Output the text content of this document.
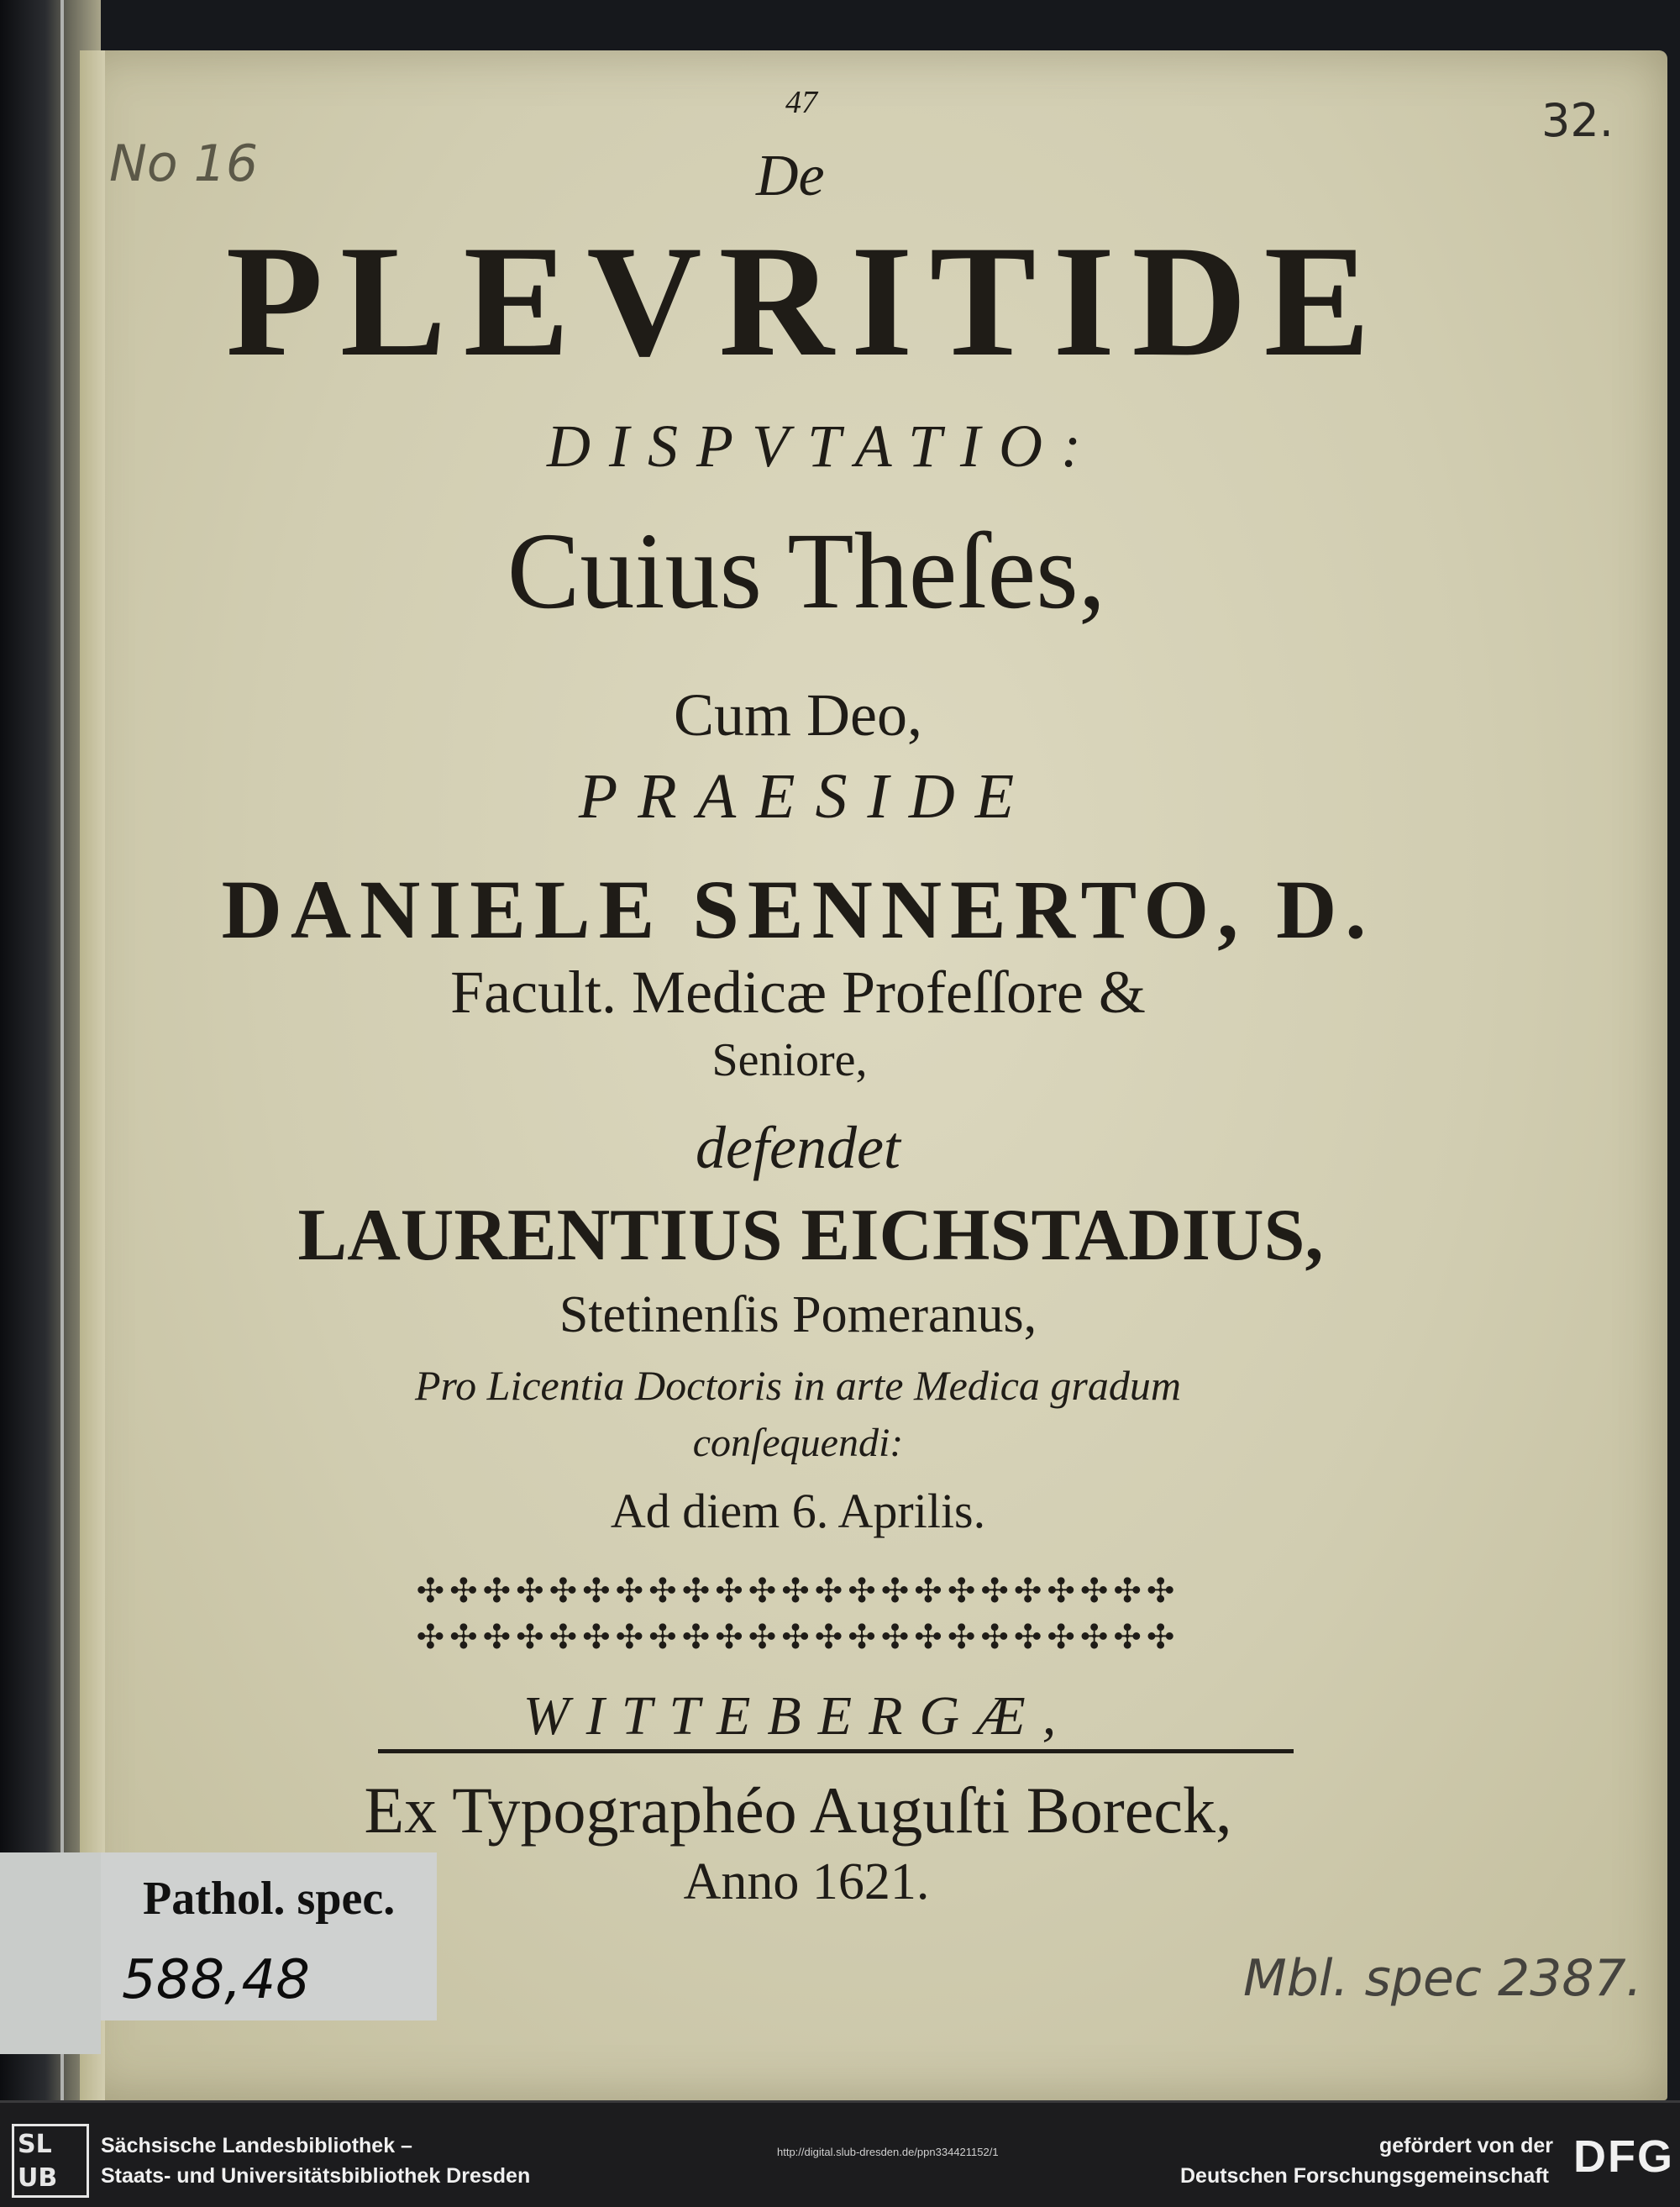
32.
No 16
47
De
PLEVRITIDE
DISPVTATIO:
Cuius Theſes,
Cum Deo,
PRAESIDE
DANIELE SENNERTO, D.
Facult. Medicæ Profeſſore &
Seniore,
defendet
LAURENTIUS EICHSTADIUS,
Stetinenſis Pomeranus,
Pro Licentia Doctoris in arte Medica gradum
conſequendi:
Ad diem 6. Aprilis.
✣✣✣✣✣✣✣✣✣✣✣✣✣✣✣✣✣✣✣✣✣✣✣
✣✣✣✣✣✣✣✣✣✣✣✣✣✣✣✣✣✣✣✣✣✣✣
WITTEBERGÆ,
Ex Typographéo Auguſti Boreck,
Anno 1621.
Pathol. spec.
588,48	Mbl. spec 2387.
SL
UB
Sächsische Landesbibliothek –
Staats- und Universitätsbibliothek Dresden
http://digital.slub-dresden.de/ppn334421152/1	gefördert von der
Deutschen Forschungsgemeinschaft DFG
